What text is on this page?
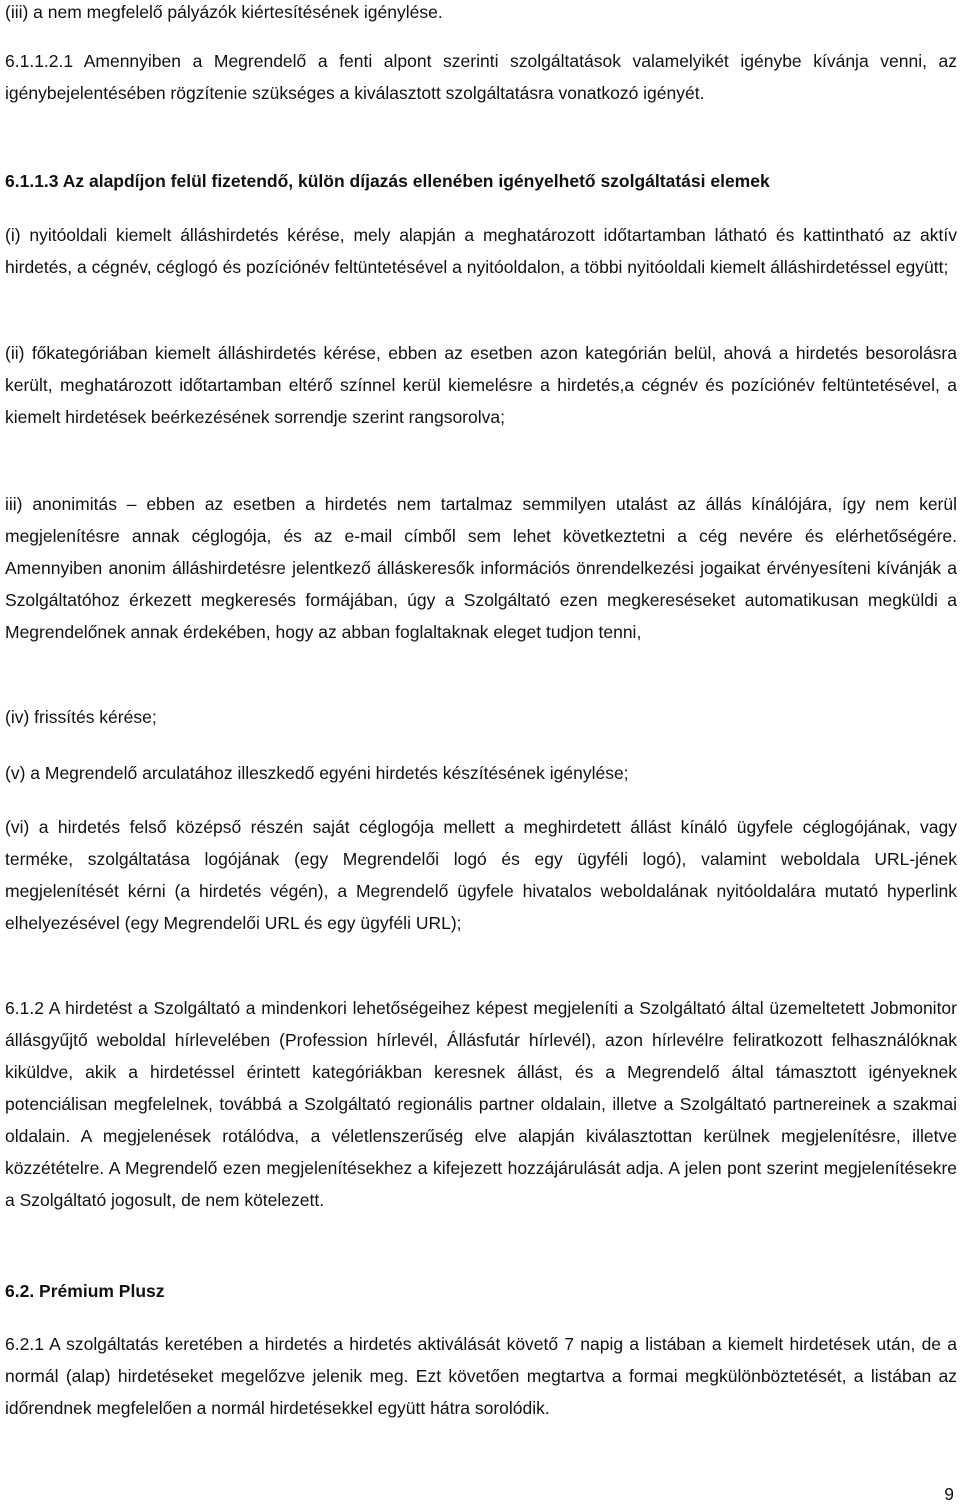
(iii) a nem megfelelő pályázók kiértesítésének igénylése.

6.1.1.2.1 Amennyiben a Megrendelő a fenti alpont szerinti szolgáltatások valamelyikét igénybe kívánja venni, az igénybejelentésében rögzítenie szükséges a kiválasztott szolgáltatásra vonatkozó igényét.

6.1.1.3 Az alapdíjon felül fizetendő, külön díjazás ellenében igényelhető szolgáltatási elemek

(i) nyitóoldali kiemelt álláshirdetés kérése, mely alapján a meghatározott időtartamban látható és kattintható az aktív hirdetés, a cégnév, céglogó és pozíciónév feltüntetésével a nyitóoldalon, a többi nyitóoldali kiemelt álláshirdetéssel együtt;

(ii) főkategóriában kiemelt álláshirdetés kérése, ebben az esetben azon kategórián belül, ahová a hirdetés besorolásra került, meghatározott időtartamban eltérő színnel kerül kiemelésre a hirdetés,a cégnév és pozíciónév feltüntetésével, a kiemelt hirdetések beérkezésének sorrendje szerint rangsorolva;

iii) anonimitás – ebben az esetben a hirdetés nem tartalmaz semmilyen utalást az állás kínálójára, így nem kerül megjelenítésre annak céglogója, és az e-mail címből sem lehet következtetni a cég nevére és elérhetőségére. Amennyiben anonim álláshirdetésre jelentkező álláskeresők információs önrendelkezési jogaikat érvényesíteni kívánják a Szolgáltatóhoz érkezett megkeresés formájában, úgy a Szolgáltató ezen megkereséseket automatikusan megküldi a Megrendelőnek annak érdekében, hogy az abban foglaltaknak eleget tudjon tenni,

(iv) frissítés kérése;

(v) a Megrendelő arculatához illeszkedő egyéni hirdetés készítésének igénylése;

(vi) a hirdetés felső középső részén saját céglogója mellett a meghirdetett állást kínáló ügyfele céglogójának, vagy terméke, szolgáltatása logójának (egy Megrendelői logó és egy ügyféli logó), valamint weboldala URL-jének megjelenítését kérni (a hirdetés végén), a Megrendelő ügyfele hivatalos weboldalának nyitóoldalára mutató hyperlink elhelyezésével (egy Megrendelői URL és egy ügyféli URL);

6.1.2 A hirdetést a Szolgáltató a mindenkori lehetőségeihez képest megjeleníti a Szolgáltató által üzemeltetett Jobmonitor állásgyűjtő weboldal hírlevelében (Profession hírlevél, Állásfutár hírlevél), azon hírlevélre feliratkozott felhasználóknak kiküldve, akik a hirdetéssel érintett kategóriákban keresnek állást, és a Megrendelő által támasztott igényeknek potenciálisan megfelelnek, továbbá a Szolgáltató regionális partner oldalain, illetve a Szolgáltató partnereinek a szakmai oldalain. A megjelenések rotálódva, a véletlenszerűség elve alapján kiválasztottan kerülnek megjelenítésre, illetve közzétételre. A Megrendelő ezen megjelenítésekhez a kifejezett hozzájárulását adja. A jelen pont szerint megjelenítésekre a Szolgáltató jogosult, de nem kötelezett.

6.2. Prémium Plusz

6.2.1 A szolgáltatás keretében a hirdetés a hirdetés aktiválását követő 7 napig a listában a kiemelt hirdetések után, de a normál (alap) hirdetéseket megelőzve jelenik meg. Ezt követően megtartva a formai megkülönböztetését, a listában az időrendnek megfelelően a normál hirdetésekkel együtt hátra sorolódik.

9
